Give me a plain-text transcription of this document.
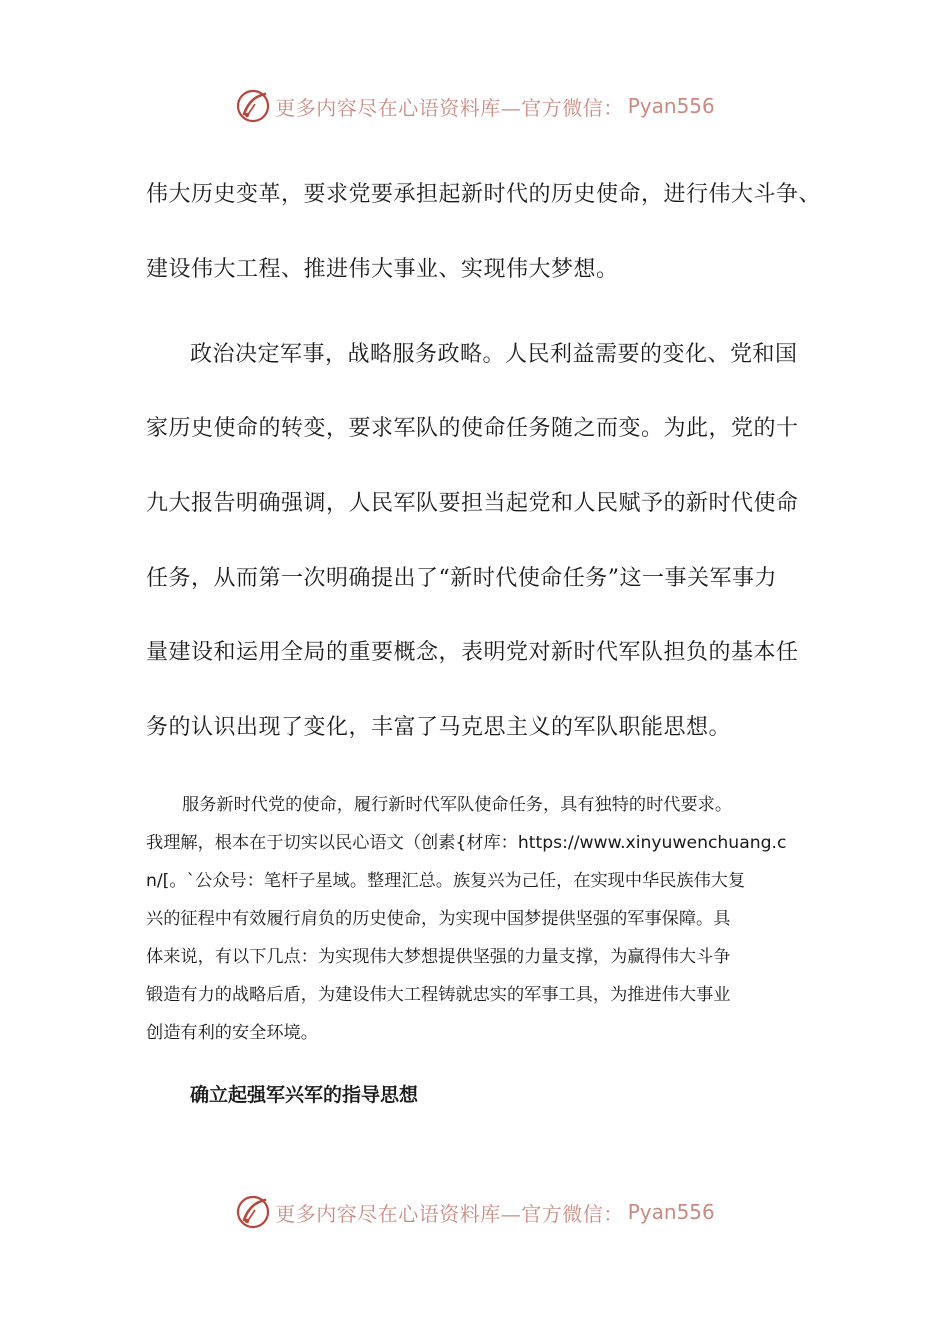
更多内容尽在心语资料库—官方微信： Pyan556
伟大历史变革，要求党要承担起新时代的历史使命，进行伟大斗争、
建设伟大工程、推进伟大事业、实现伟大梦想。
政治决定军事，战略服务政略。人民利益需要的变化、党和国
家历史使命的转变，要求军队的使命任务随之而变。为此，党的十
九大报告明确强调，人民军队要担当起党和人民赋予的新时代使命
任务，从而第一次明确提出了“新时代使命任务”这一事关军事力
量建设和运用全局的重要概念，表明党对新时代军队担负的基本任
务的认识出现了变化，丰富了马克思主义的军队职能思想。
服务新时代党的使命，履行新时代军队使命任务，具有独特的时代要求。
我理解，根本在于切实以民心语文（创素{材库：https://www.xinyuwenchuang.c
n/[。`公众号：笔杆子星域。整理汇总。族复兴为己任，在实现中华民族伟大复
兴的征程中有效履行肩负的历史使命，为实现中国梦提供坚强的军事保障。具
体来说，有以下几点：为实现伟大梦想提供坚强的力量支撑，为赢得伟大斗争
锻造有力的战略后盾，为建设伟大工程铸就忠实的军事工具，为推进伟大事业
创造有利的安全环境。
确立起强军兴军的指导思想
更多内容尽在心语资料库—官方微信： Pyan556
